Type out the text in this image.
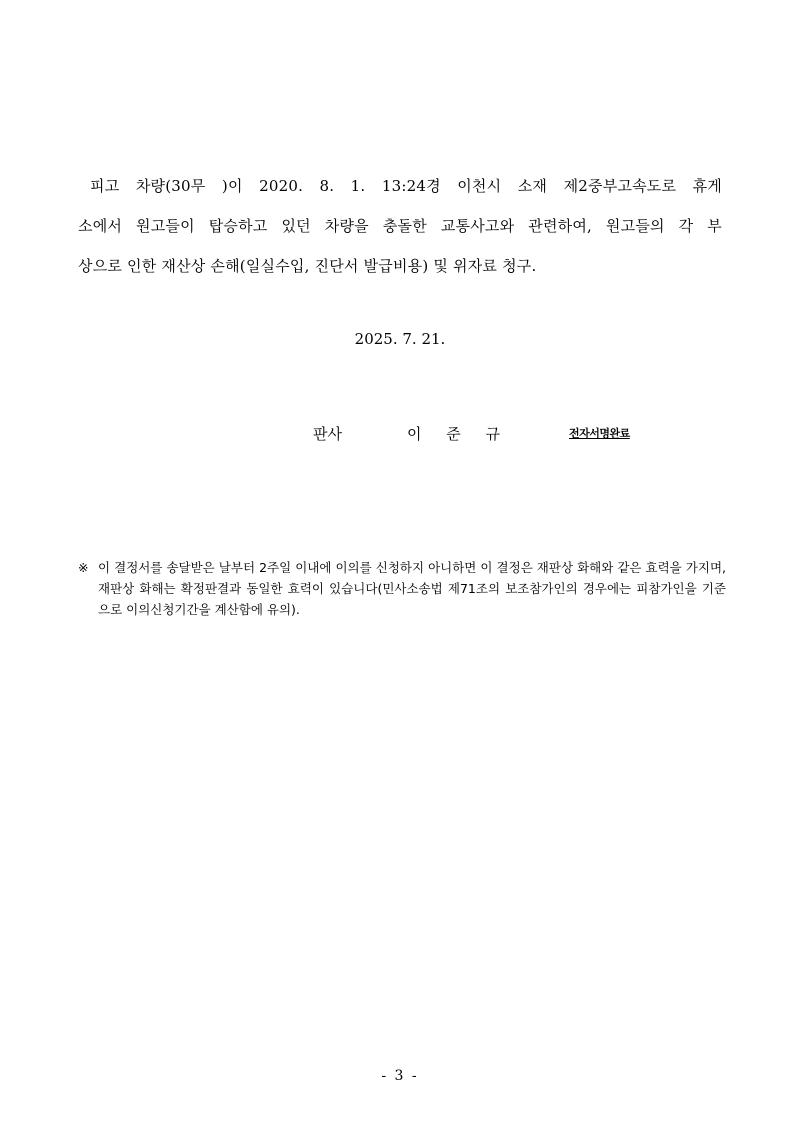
피고 차량(30무 )이 2020. 8. 1. 13:24경 이천시 소재 제2중부고속도로 휴게
소에서 원고들이 탑승하고 있던 차량을 충돌한 교통사고와 관련하여, 원고들의 각 부
상으로 인한 재산상 손해(일실수입, 진단서 발급비용) 및 위자료 청구.
2025. 7. 21.
판사	이 준 규	전자서명완료
※ 이 결정서를 송달받은 날부터 2주일 이내에 이의를 신청하지 아니하면 이 결정은 재판상 화해와 같은 효력을 가지며, 재판상 화해는 확정판결과 동일한 효력이 있습니다(민사소송법 제71조의 보조참가인의 경우에는 피참가인을 기준으로 이의신청기간을 계산함에 유의).
- 3 -
